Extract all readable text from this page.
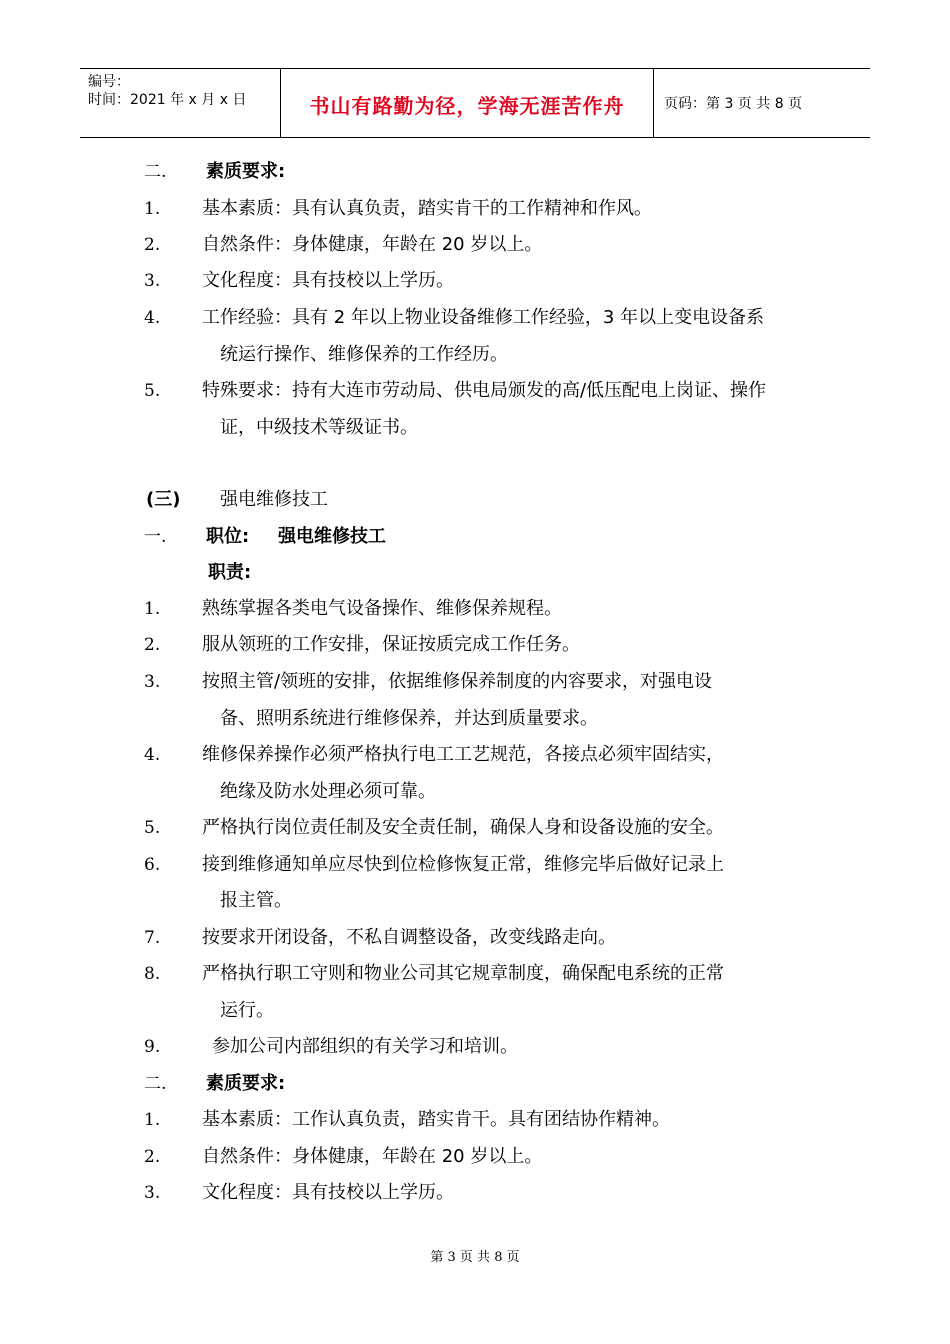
编号：
时间：2021 年 x 月 x 日	书山有路勤为径，学海无涯苦作舟	页码：第 3 页 共 8 页
二. 素质要求:
1. 基本素质：具有认真负责，踏实肯干的工作精神和作风。
2. 自然条件：身体健康，年龄在 20 岁以上。
3. 文化程度：具有技校以上学历。
4. 工作经验：具有 2 年以上物业设备维修工作经验，3 年以上变电设备系
统运行操作、维修保养的工作经历。
5. 特殊要求：持有大连市劳动局、供电局颁发的高/低压配电上岗证、操作
证，中级技术等级证书。
(三) 强电维修技工
一. 职位: 强电维修技工
职责:
1. 熟练掌握各类电气设备操作、维修保养规程。
2. 服从领班的工作安排，保证按质完成工作任务。
3. 按照主管/领班的安排，依据维修保养制度的内容要求，对强电设
备、照明系统进行维修保养，并达到质量要求。
4. 维修保养操作必须严格执行电工工艺规范，各接点必须牢固结实，
绝缘及防水处理必须可靠。
5. 严格执行岗位责任制及安全责任制，确保人身和设备设施的安全。
6. 接到维修通知单应尽快到位检修恢复正常，维修完毕后做好记录上
报主管。
7. 按要求开闭设备，不私自调整设备，改变线路走向。
8. 严格执行职工守则和物业公司其它规章制度，确保配电系统的正常
运行。
9.	参加公司内部组织的有关学习和培训。
二. 素质要求:
1. 基本素质：工作认真负责，踏实肯干。具有团结协作精神。
2. 自然条件：身体健康，年龄在 20 岁以上。
3. 文化程度：具有技校以上学历。
第 3 页 共 8 页
